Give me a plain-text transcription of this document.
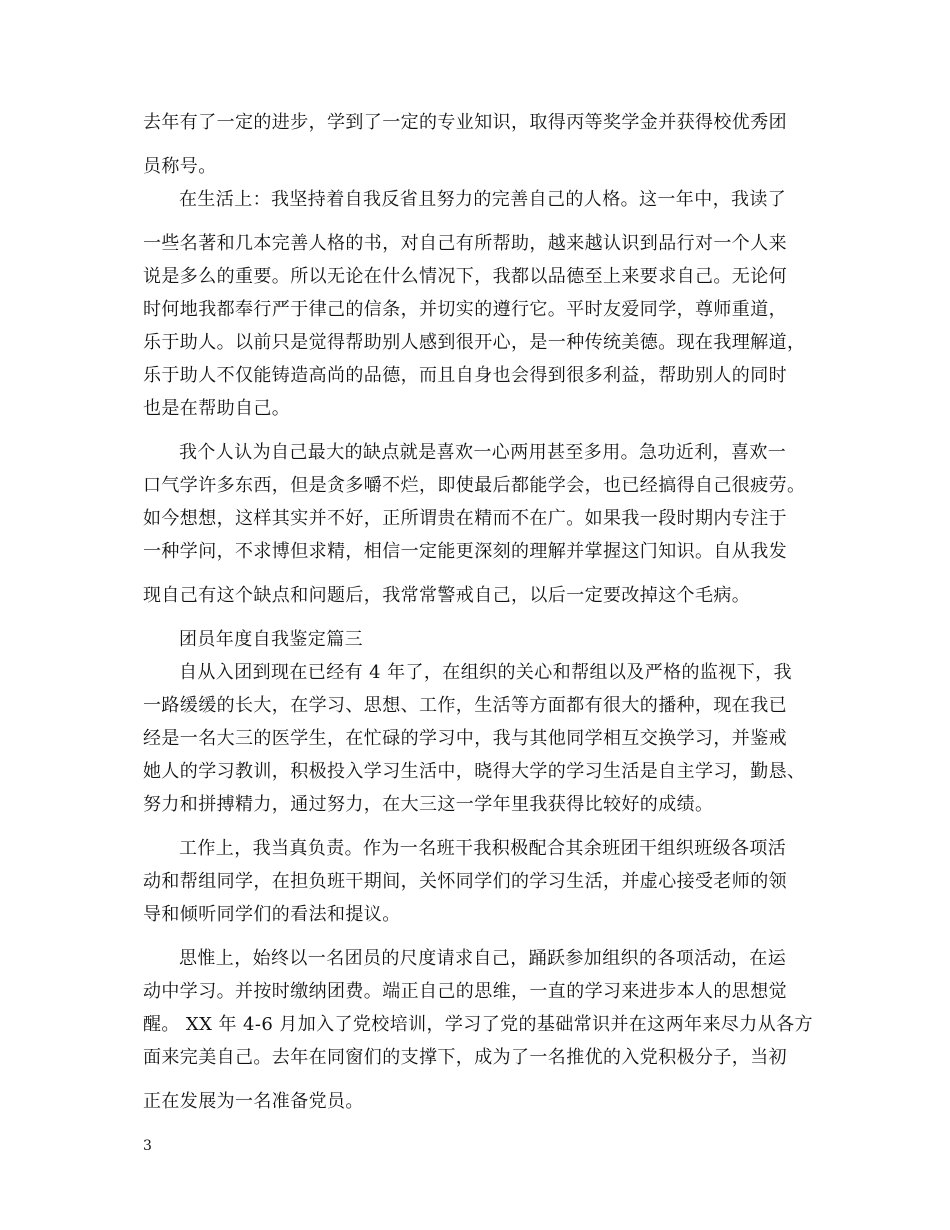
去年有了一定的进步，学到了一定的专业知识，取得丙等奖学金并获得校优秀团
员称号。
在生活上：我坚持着自我反省且努力的完善自己的人格。这一年中，我读了
一些名著和几本完善人格的书，对自己有所帮助，越来越认识到品行对一个人来
说是多么的重要。所以无论在什么情况下，我都以品德至上来要求自己。无论何
时何地我都奉行严于律己的信条，并切实的遵行它。平时友爱同学，尊师重道，
乐于助人。以前只是觉得帮助别人感到很开心，是一种传统美德。现在我理解道，
乐于助人不仅能铸造高尚的品德，而且自身也会得到很多利益，帮助别人的同时
也是在帮助自己。
我个人认为自己最大的缺点就是喜欢一心两用甚至多用。急功近利，喜欢一
口气学许多东西，但是贪多嚼不烂，即使最后都能学会，也已经搞得自己很疲劳。
如今想想，这样其实并不好，正所谓贵在精而不在广。如果我一段时期内专注于
一种学问，不求博但求精，相信一定能更深刻的理解并掌握这门知识。自从我发
现自己有这个缺点和问题后，我常常警戒自己，以后一定要改掉这个毛病。
团员年度自我鉴定篇三
自从入团到现在已经有 4 年了，在组织的关心和帮组以及严格的监视下，我
一路缓缓的长大，在学习、思想、工作，生活等方面都有很大的播种，现在我已
经是一名大三的医学生，在忙碌的学习中，我与其他同学相互交换学习，并鉴戒
她人的学习教训，积极投入学习生活中，晓得大学的学习生活是自主学习，勤恳、
努力和拼搏精力，通过努力，在大三这一学年里我获得比较好的成绩。
工作上，我当真负责。作为一名班干我积极配合其余班团干组织班级各项活
动和帮组同学，在担负班干期间，关怀同学们的学习生活，并虚心接受老师的领
导和倾听同学们的看法和提议。
思惟上，始终以一名团员的尺度请求自己，踊跃参加组织的各项活动，在运
动中学习。并按时缴纳团费。端正自己的思维，一直的学习来进步本人的思想觉
醒。 XX 年 4-6 月加入了党校培训，学习了党的基础常识并在这两年来尽力从各方
面来完美自己。去年在同窗们的支撑下，成为了一名推优的入党积极分子，当初
正在发展为一名准备党员。
3
